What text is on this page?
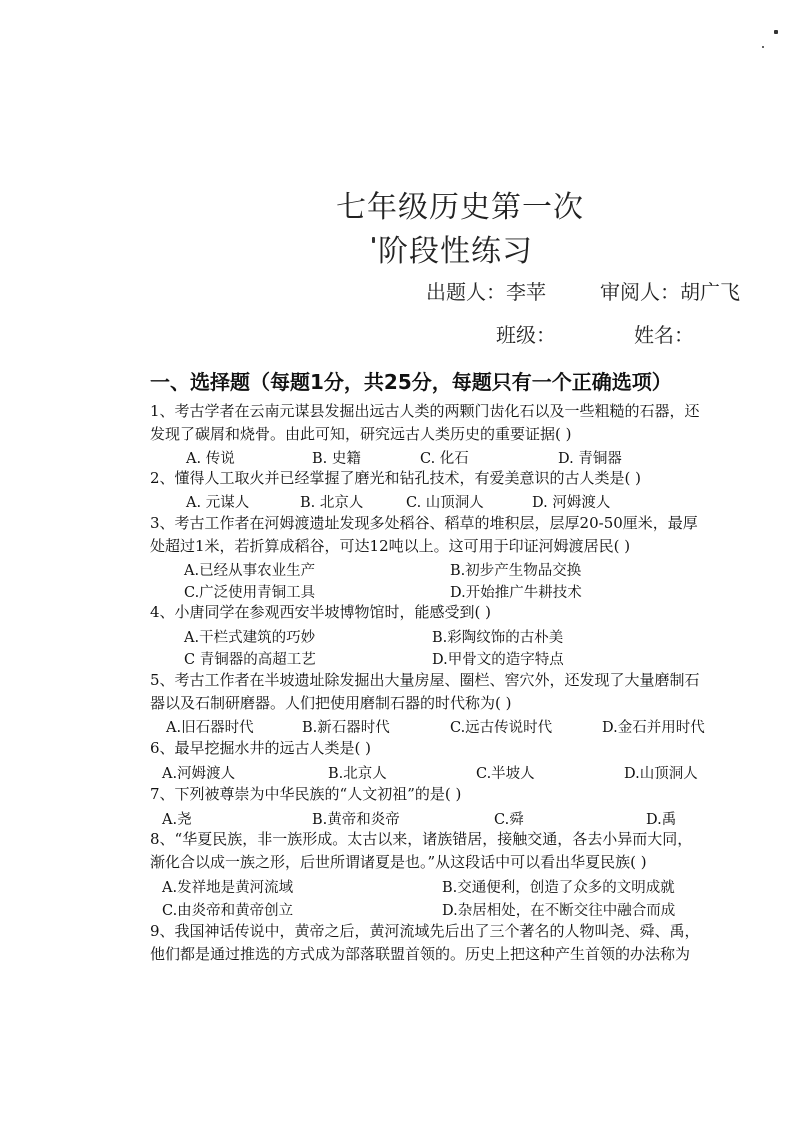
七年级历史第一次
阶段性练习
出题人：李苹	审阅人：胡广飞
班级：	姓名：
一、选择题（每题1分，共25分，每题只有一个正确选项）
1、考古学者在云南元谋县发掘出远古人类的两颗门齿化石以及一些粗糙的石器，还
发现了碳屑和烧骨。由此可知，研究远古人类历史的重要证据( )
A. 传说	B. 史籍	C. 化石	D. 青铜器
2、懂得人工取火并已经掌握了磨光和钻孔技术，有爱美意识的古人类是( )
A. 元谋人	B. 北京人	C. 山顶洞人	D. 河姆渡人
3、考古工作者在河姆渡遗址发现多处稻谷、稻草的堆积层，层厚20-50厘米，最厚
处超过1米，若折算成稻谷，可达12吨以上。这可用于印证河姆渡居民( )
A.已经从事农业生产	B.初步产生物品交换
C.广泛使用青铜工具	D.开始推广牛耕技术
4、小唐同学在参观西安半坡博物馆时，能感受到( )
A.干栏式建筑的巧妙	B.彩陶纹饰的古朴美
C 青铜器的高超工艺	D.甲骨文的造字特点
5、考古工作者在半坡遗址除发掘出大量房屋、圈栏、窖穴外，还发现了大量磨制石
器以及石制研磨器。人们把使用磨制石器的时代称为( )
A.旧石器时代	B.新石器时代	C.远古传说时代	D.金石并用时代
6、最早挖掘水井的远古人类是( )
A.河姆渡人	B.北京人	C.半坡人	D.山顶洞人
7、下列被尊崇为中华民族的“人文初祖”的是( )
A.尧	B.黄帝和炎帝	C.舜	D.禹
8、“华夏民族，非一族形成。太古以来，诸族错居，接触交通，各去小异而大同，
渐化合以成一族之形，后世所谓诸夏是也。”从这段话中可以看出华夏民族( )
A.发祥地是黄河流域	B.交通便利，创造了众多的文明成就
C.由炎帝和黄帝创立	D.杂居相处，在不断交往中融合而成
9、我国神话传说中，黄帝之后，黄河流域先后出了三个著名的人物叫尧、舜、禹，
他们都是通过推选的方式成为部落联盟首领的。历史上把这种产生首领的办法称为
